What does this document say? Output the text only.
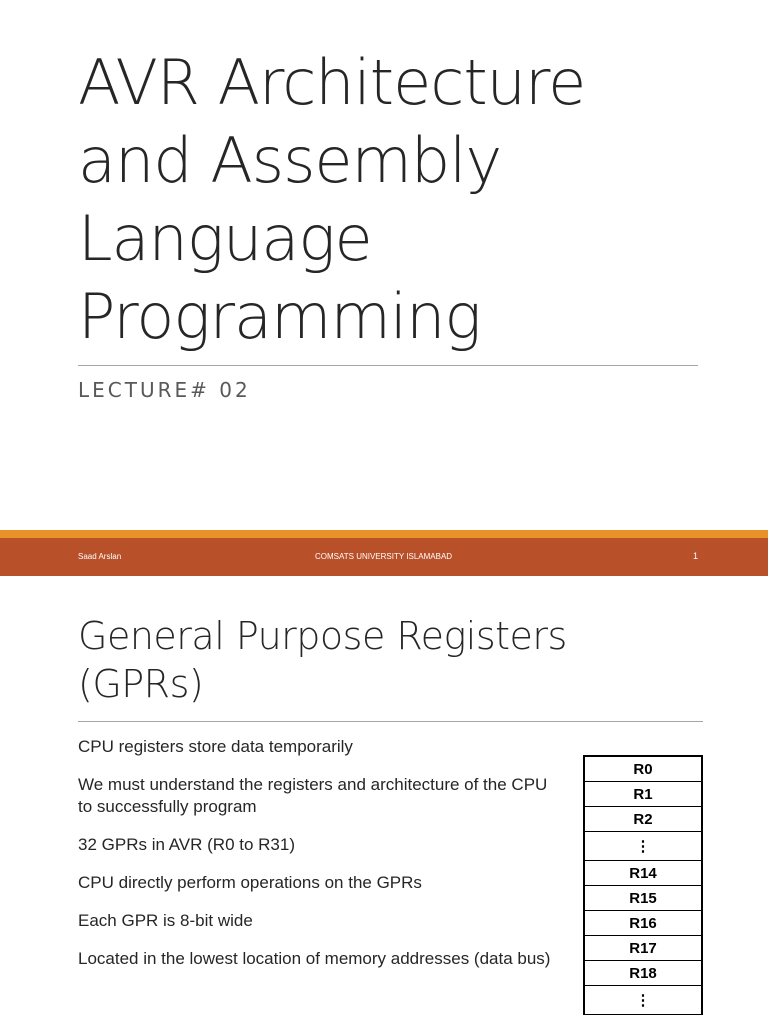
AVR Architecture
and Assembly
Language
Programming
LECTURE# 02
Saad Arslan	COMSATS UNIVERSITY ISLAMABAD	1
General Purpose Registers
(GPRs)
CPU registers store data temporarily
We must understand the registers and architecture of the CPU to successfully program
32 GPRs in AVR (R0 to R31)
CPU directly perform operations on the GPRs
Each GPR is 8-bit wide
Located in the lowest location of memory addresses (data bus)
R0
R1
R2
⋮
R14
R15
R16
R17
R18
⋮
